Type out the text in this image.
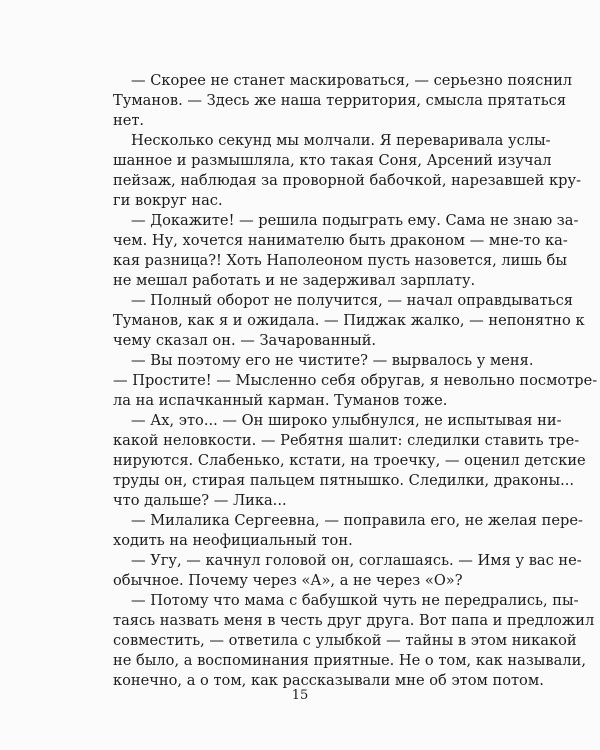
— Скорее не станет маскироваться, — серьезно пояснил
Туманов. — Здесь же наша территория, смысла прятаться
нет.
Несколько секунд мы молчали. Я переваривала услы-
шанное и размышляла, кто такая Соня, Арсений изучал
пейзаж, наблюдая за проворной бабочкой, нарезавшей кру-
ги вокруг нас.
— Докажите! — решила подыграть ему. Сама не знаю за-
чем. Ну, хочется нанимателю быть драконом — мне-то ка-
кая разница?! Хоть Наполеоном пусть назовется, лишь бы
не мешал работать и не задерживал зарплату.
— Полный оборот не получится, — начал оправдываться
Туманов, как я и ожидала. — Пиджак жалко, — непонятно к
чему сказал он. — Зачарованный.
— Вы поэтому его не чистите? — вырвалось у меня.
— Простите! — Мысленно себя обругав, я невольно посмотре-
ла на испачканный карман. Туманов тоже.
— Ах, это... — Он широко улыбнулся, не испытывая ни-
какой неловкости. — Ребятня шалит: следилки ставить тре-
нируются. Слабенько, кстати, на троечку, — оценил детские
труды он, стирая пальцем пятнышко. Следилки, драконы...
что дальше? — Лика...
— Милалика Сергеевна, — поправила его, не желая пере-
ходить на неофициальный тон.
— Угу, — качнул головой он, соглашаясь. — Имя у вас не-
обычное. Почему через «А», а не через «О»?
— Потому что мама с бабушкой чуть не передрались, пы-
таясь назвать меня в честь друг друга. Вот папа и предложил
совместить, — ответила с улыбкой — тайны в этом никакой
не было, а воспоминания приятные. Не о том, как называли,
конечно, а о том, как рассказывали мне об этом потом.
15
